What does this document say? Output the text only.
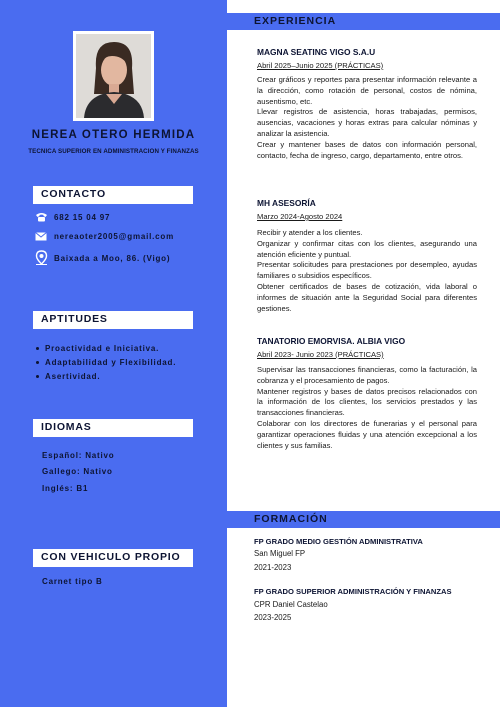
NEREA OTERO HERMIDA
TECNICA SUPERIOR EN ADMINISTRACION Y FINANZAS
CONTACTO
682 15 04 97
nereaoter2005@gmail.com
Baixada a Moo, 86. (Vigo)
APTITUDES
Proactividad e Iniciativa.
Adaptabilidad y Flexibilidad.
Asertividad.
IDIOMAS
Español: Nativo
Gallego: Nativo
Inglés: B1
CON VEHICULO PROPIO
Carnet tipo B
EXPERIENCIA
MAGNA SEATING VIGO S.A.U
Abril 2025–Junio 2025 (PRÁCTICAS)
Crear gráficos y reportes para presentar información relevante a la dirección, como rotación de personal, costos de nómina, ausentismo, etc.
Llevar registros de asistencia, horas trabajadas, permisos, ausencias, vacaciones y horas extras para calcular nóminas y analizar la asistencia.
Crear y mantener bases de datos con información personal, contacto, fecha de ingreso, cargo, departamento, entre otros.
MH ASESORÍA
Marzo 2024-Agosto 2024
Recibir y atender a los clientes.
Organizar y confirmar citas con los clientes, asegurando una atención eficiente y puntual.
Presentar solicitudes para prestaciones por desempleo, ayudas familiares o subsidios específicos.
Obtener certificados de bases de cotización, vida laboral o informes de situación ante la Seguridad Social para diferentes gestiones.
TANATORIO EMORVISA. ALBIA VIGO
Abril 2023- Junio 2023 (PRÁCTICAS)
Supervisar las transacciones financieras, como la facturación, la cobranza y el procesamiento de pagos.
Mantener registros y bases de datos precisos relacionados con la información de los clientes, los servicios prestados y las transacciones financieras.
Colaborar con los directores de funerarias y el personal para garantizar operaciones fluidas y una atención excepcional a los clientes y sus familias.
FORMACIÓN
FP GRADO MEDIO GESTIÓN ADMINISTRATIVA
San Miguel FP
2021-2023
FP GRADO SUPERIOR ADMINISTRACIÓN Y FINANZAS
CPR Daniel Castelao
2023-2025
